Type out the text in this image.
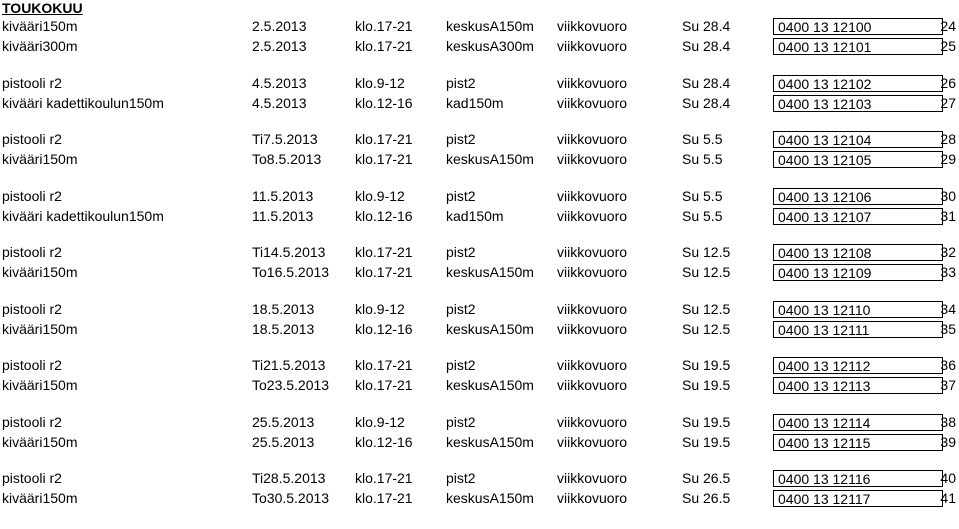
TOUKOKUU
kivääri150m	2.5.2013	klo.17-21 keskusA150m viikkovuoro	Su 28.4	0400 13 12100	24
kivääri300m	2.5.2013	klo.17-21 keskusA300m viikkovuoro	Su 28.4	0400 13 12101	25
pistooli r2	4.5.2013	klo.9-12	pist2	viikkovuoro	Su 28.4	0400 13 12102	26
kivääri kadettikoulun150m	4.5.2013	klo.12-16 kad150m	viikkovuoro	Su 28.4	0400 13 12103	27
pistooli r2	Ti7.5.2013	klo.17-21 pist2	viikkovuoro	Su 5.5	0400 13 12104	28
kivääri150m	To8.5.2013 klo.17-21 keskusA150m viikkovuoro	Su 5.5	0400 13 12105	29
pistooli r2	11.5.2013	klo.9-12	pist2	viikkovuoro	Su 5.5	0400 13 12106	30
kivääri kadettikoulun150m	11.5.2013	klo.12-16 kad150m	viikkovuoro	Su 5.5	0400 13 12107	31
pistooli r2	Ti14.5.2013 klo.17-21 pist2	viikkovuoro	Su 12.5	0400 13 12108	32
kivääri150m	To16.5.2013 klo.17-21 keskusA150m viikkovuoro	Su 12.5	0400 13 12109	33
pistooli r2	18.5.2013	klo.9-12	pist2	viikkovuoro	Su 12.5	0400 13 12110	34
kivääri150m	18.5.2013	klo.12-16 keskusA150m viikkovuoro	Su 12.5	0400 13 12111	35
pistooli r2	Ti21.5.2013 klo.17-21 pist2	viikkovuoro	Su 19.5	0400 13 12112	36
kivääri150m	To23.5.2013 klo.17-21 keskusA150m viikkovuoro	Su 19.5	0400 13 12113	37
pistooli r2	25.5.2013	klo.9-12	pist2	viikkovuoro	Su 19.5	0400 13 12114	38
kivääri150m	25.5.2013	klo.12-16 keskusA150m viikkovuoro	Su 19.5	0400 13 12115	39
pistooli r2	Ti28.5.2013 klo.17-21 pist2	viikkovuoro	Su 26.5	0400 13 12116	40
kivääri150m	To30.5.2013 klo.17-21 keskusA150m viikkovuoro	Su 26.5	0400 13 12117	41
